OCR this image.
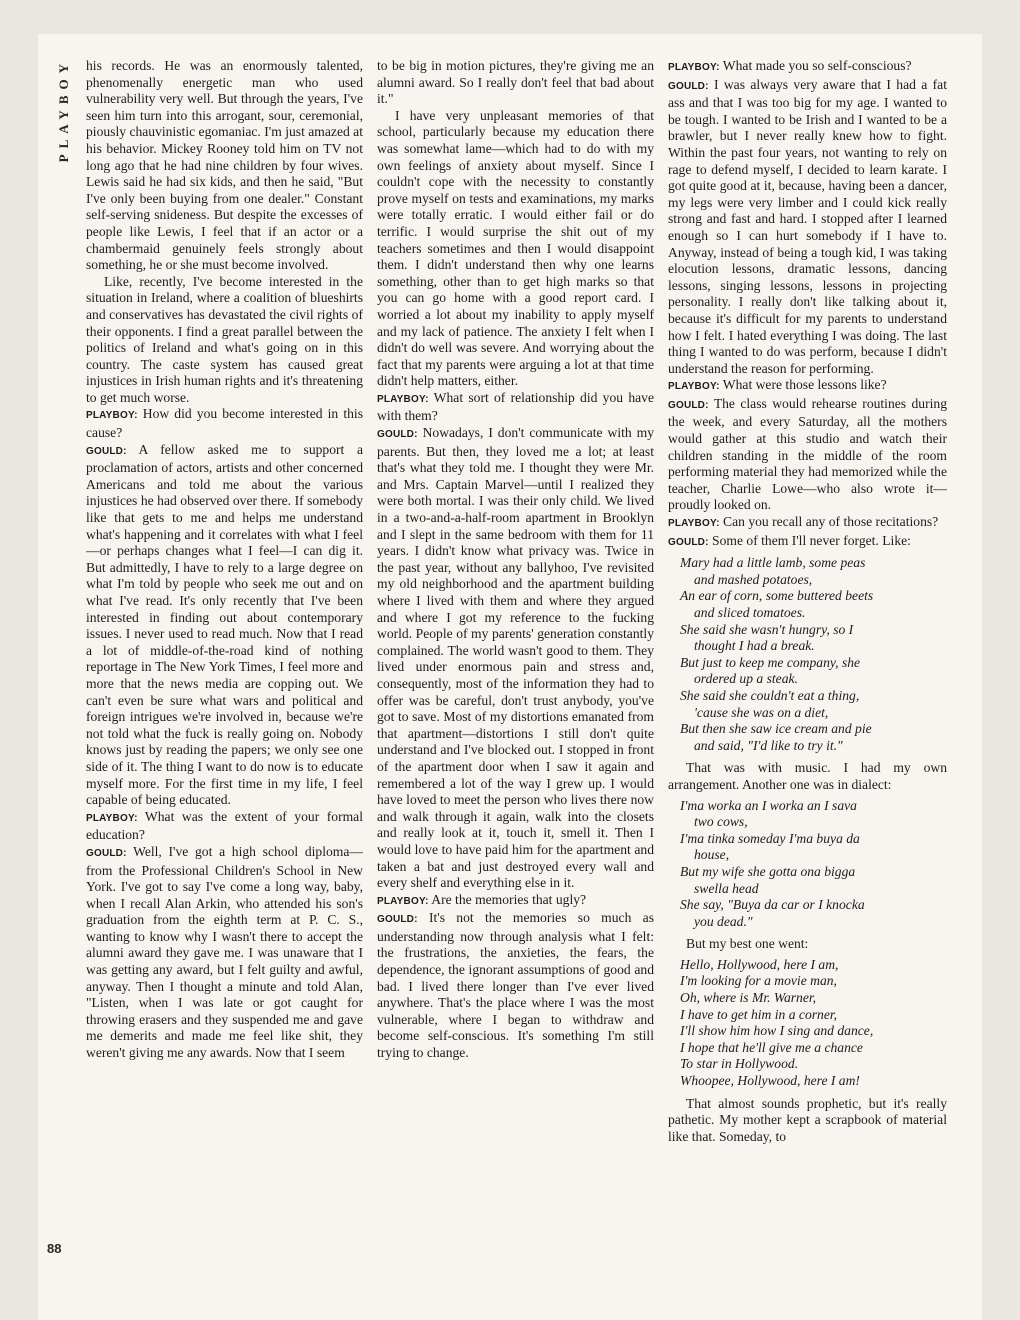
PLAYBOY his records. He was an enormously talented, phenomenally energetic man who used vulnerability very well. But through the years, I've seen him turn into this arrogant, sour, ceremonial, piously chauvinistic egomaniac. I'm just amazed at his behavior. Mickey Rooney told him on TV not long ago that he had nine children by four wives. Lewis said he had six kids, and then he said, "But I've only been buying from one dealer." Constant self-serving snideness. But despite the excesses of people like Lewis, I feel that if an actor or a chambermaid genuinely feels strongly about something, he or she must become involved.

Like, recently, I've become interested in the situation in Ireland, where a coalition of blueshirts and conservatives has devastated the civil rights of their opponents. I find a great parallel between the politics of Ireland and what's going on in this country. The caste system has caused great injustices in Irish human rights and it's threatening to get much worse.

PLAYBOY: How did you become interested in this cause?

GOULD: A fellow asked me to support a proclamation of actors, artists and other concerned Americans and told me about the various injustices he had observed over there. If somebody like that gets to me and helps me understand what's happening and it correlates with what I feel—or perhaps changes what I feel—I can dig it. But admittedly, I have to rely to a large degree on what I'm told by people who seek me out and on what I've read. It's only recently that I've been interested in finding out about contemporary issues. I never used to read much. Now that I read a lot of middle-of-the-road kind of nothing reportage in The New York Times, I feel more and more that the news media are copping out. We can't even be sure what wars and political and foreign intrigues we're involved in, because we're not told what the fuck is really going on. Nobody knows just by reading the papers; we only see one side of it. The thing I want to do now is to educate myself more. For the first time in my life, I feel capable of being educated.

PLAYBOY: What was the extent of your formal education?

GOULD: Well, I've got a high school diploma—from the Professional Children's School in New York. I've got to say I've come a long way, baby, when I recall Alan Arkin, who attended his son's graduation from the eighth term at P. C. S., wanting to know why I wasn't there to accept the alumni award they gave me. I was unaware that I was getting any award, but I felt guilty and awful, anyway. Then I thought a minute and told Alan, "Listen, when I was late or got caught for throwing erasers and they suspended me and gave me demerits and made me feel like shit, they weren't giving me any awards. Now that I seem

to be big in motion pictures, they're giving me an alumni award. So I really don't feel that bad about it."

I have very unpleasant memories of that school, particularly because my education there was somewhat lame—which had to do with my own feelings of anxiety about myself. Since I couldn't cope with the necessity to constantly prove myself on tests and examinations, my marks were totally erratic. I would either fail or do terrific. I would surprise the shit out of my teachers sometimes and then I would disappoint them. I didn't understand then why one learns something, other than to get high marks so that you can go home with a good report card. I worried a lot about my inability to apply myself and my lack of patience. The anxiety I felt when I didn't do well was severe. And worrying about the fact that my parents were arguing a lot at that time didn't help matters, either.

PLAYBOY: What sort of relationship did you have with them?

GOULD: Nowadays, I don't communicate with my parents. But then, they loved me a lot; at least that's what they told me. I thought they were Mr. and Mrs. Captain Marvel—until I realized they were both mortal. I was their only child. We lived in a two-and-a-half-room apartment in Brooklyn and I slept in the same bedroom with them for 11 years. I didn't know what privacy was. Twice in the past year, without any ballyhoo, I've revisited my old neighborhood and the apartment building where I lived with them and where they argued and where I got my reference to the fucking world. People of my parents' generation constantly complained. The world wasn't good to them. They lived under enormous pain and stress and, consequently, most of the information they had to offer was be careful, don't trust anybody, you've got to save. Most of my distortions emanated from that apartment—distortions I still don't quite understand and I've blocked out. I stopped in front of the apartment door when I saw it again and remembered a lot of the way I grew up. I would have loved to meet the person who lives there now and walk through it again, walk into the closets and really look at it, touch it, smell it. Then I would love to have paid him for the apartment and taken a bat and just destroyed every wall and every shelf and everything else in it.

PLAYBOY: Are the memories that ugly?

GOULD: It's not the memories so much as understanding now through analysis what I felt: the frustrations, the anxieties, the fears, the dependence, the ignorant assumptions of good and bad. I lived there longer than I've ever lived anywhere. That's the place where I was the most vulnerable, where I began to withdraw and become self-conscious. It's something I'm still trying to change.

PLAYBOY: What made you so self-conscious?

GOULD: I was always very aware that I had a fat ass and that I was too big for my age. I wanted to be tough. I wanted to be Irish and I wanted to be a brawler, but I never really knew how to fight. Within the past four years, not wanting to rely on rage to defend myself, I decided to learn karate. I got quite good at it, because, having been a dancer, my legs were very limber and I could kick really strong and fast and hard. I stopped after I learned enough so I can hurt somebody if I have to. Anyway, instead of being a tough kid, I was taking elocution lessons, dramatic lessons, dancing lessons, singing lessons, lessons in projecting personality. I really don't like talking about it, because it's difficult for my parents to understand how I felt. I hated everything I was doing. The last thing I wanted to do was perform, because I didn't understand the reason for performing.

PLAYBOY: What were those lessons like?

GOULD: The class would rehearse routines during the week, and every Saturday, all the mothers would gather at this studio and watch their children standing in the middle of the room performing material they had memorized while the teacher, Charlie Lowe—who also wrote it—proudly looked on.

PLAYBOY: Can you recall any of those recitations?

GOULD: Some of them I'll never forget. Like:

Mary had a little lamb, some peas
and mashed potatoes,
An ear of corn, some buttered beets
and sliced tomatoes.
She said she wasn't hungry, so I
thought I had a break.
But just to keep me company, she
ordered up a steak.
She said she couldn't eat a thing,
'cause she was on a diet,
But then she saw ice cream and pie
and said, "I'd like to try it."

That was with music. I had my own arrangement. Another one was in dialect:

I'ma worka an I worka an I sava
two cows,
I'ma tinka someday I'ma buya da
house,
But my wife she gotta ona bigga
swella head
She say, "Buya da car or I knocka
you dead."

But my best one went:

Hello, Hollywood, here I am,
I'm looking for a movie man,
Oh, where is Mr. Warner,
I have to get him in a corner,
I'll show him how I sing and dance,
I hope that he'll give me a chance
To star in Hollywood.
Whoopee, Hollywood, here I am!

That almost sounds prophetic, but it's really pathetic. My mother kept a scrapbook of material like that. Someday, to

88
